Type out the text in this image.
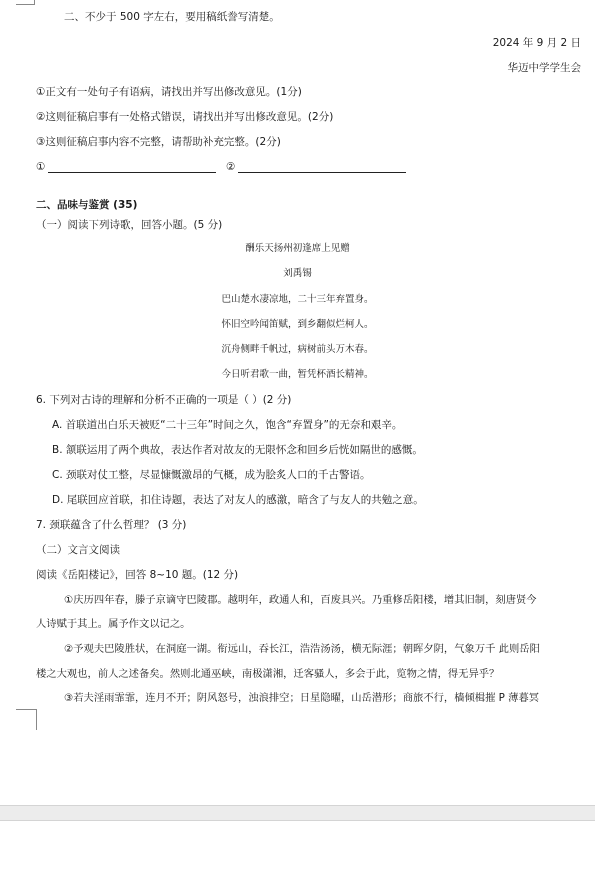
二、不少于 500 字左右，要用稿纸誊写清楚。
2024 年 9 月 2 日
华迈中学学生会
①正文有一处句子有语病，请找出并写出修改意见。(1分)
②这则征稿启事有一处格式错误，请找出并写出修改意见。(2分)
③这则征稿启事内容不完整，请帮助补充完整。(2分)
①	②
二、品味与鉴赏 (35)
（一）阅读下列诗歌，回答小题。(5 分)
酬乐天扬州初逢席上见赠
刘禹锡
巴山楚水凄凉地，二十三年弃置身。
怀旧空吟闻笛赋，到乡翻似烂柯人。
沉舟侧畔千帆过，病树前头万木春。
今日听君歌一曲，暂凭杯酒长精神。
6. 下列对古诗的理解和分析不正确的一项是（ ）(2 分)
A. 首联道出白乐天被贬“二十三年”时间之久，饱含“弃置身”的无奈和艰辛。
B. 颔联运用了两个典故，表达作者对故友的无限怀念和回乡后恍如隔世的感慨。
C. 颈联对仗工整，尽显慷慨激昂的气概，成为脍炙人口的千古警语。
D. 尾联回应首联，扣住诗题，表达了对友人的感激，暗含了与友人的共勉之意。
7. 颈联蕴含了什么哲理？ (3 分)
（二）文言文阅读
阅读《岳阳楼记》，回答 8~10 题。(12 分)
①庆历四年春，滕子京谪守巴陵郡。越明年，政通人和，百废具兴。乃重修岳阳楼，增其旧制，刻唐贤今
人诗赋于其上。属予作文以记之。
②予观夫巴陵胜状，在洞庭一湖。衔远山，吞长江，浩浩汤汤，横无际涯；朝晖夕阴，气象万千 此则岳阳
楼之大观也，前人之述备矣。然则北通巫峡，南极潇湘，迁客骚人，多会于此，览物之情，得无异乎？
③若夫淫雨霏霏，连月不开；阴风怒号，浊浪排空；日星隐曜，山岳潜形；商旅不行，樯倾楫摧 P 薄暮冥
